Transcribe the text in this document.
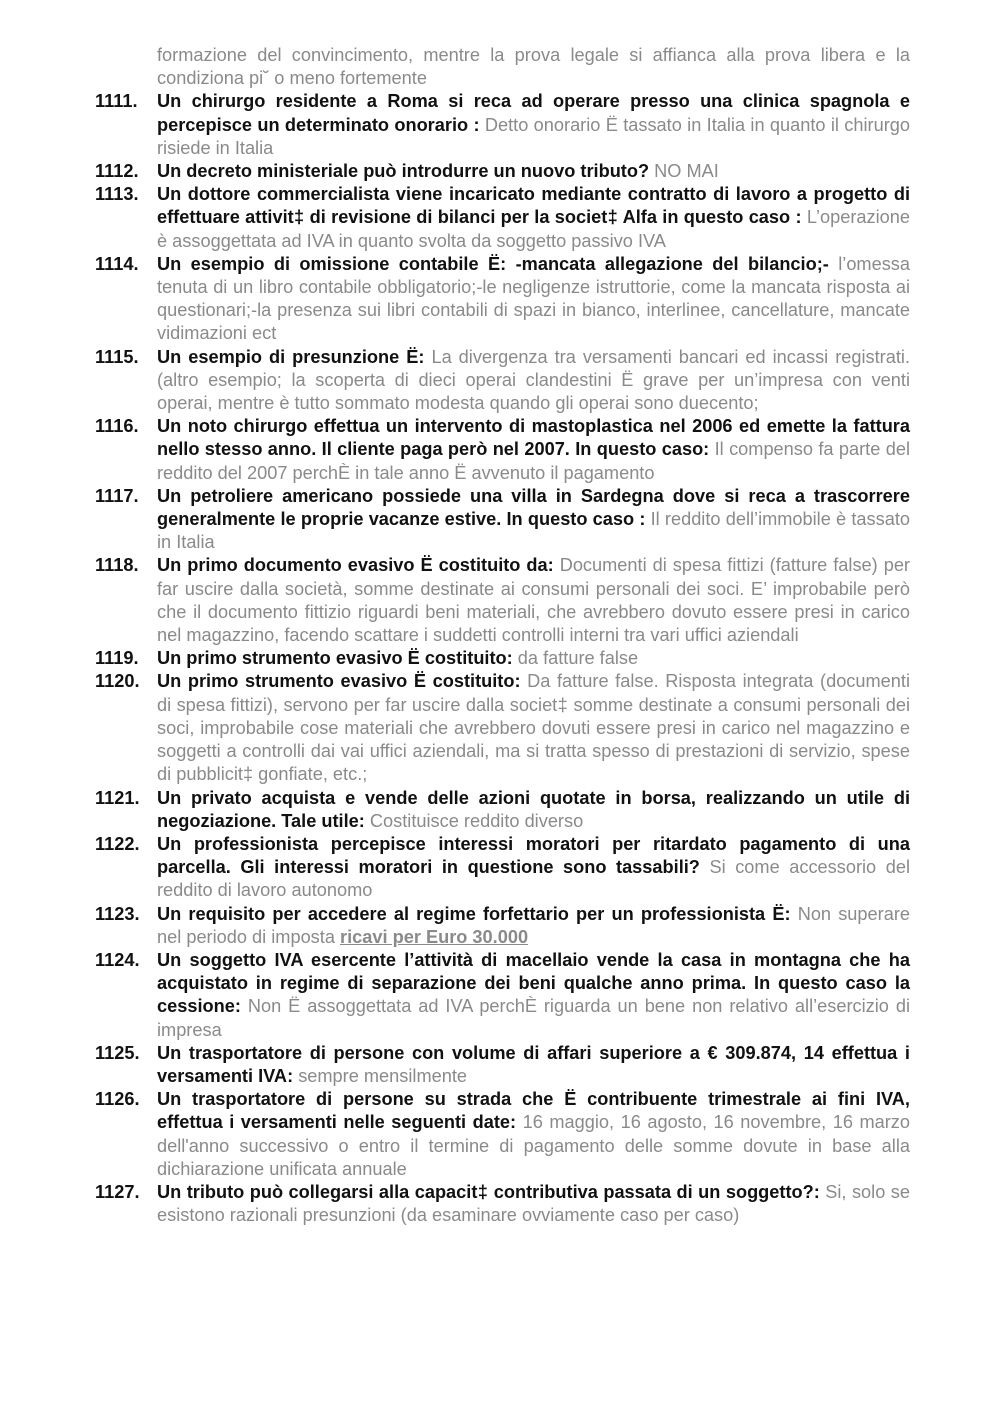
formazione del convincimento, mentre la prova legale si affianca alla prova libera e la condiziona pi˘ o meno fortemente
1111.	Un chirurgo residente a Roma si reca ad operare presso una clinica spagnola e percepisce un determinato onorario : Detto onorario Ë tassato in Italia in quanto il chirurgo risiede in Italia
1112.	Un decreto ministeriale può introdurre un nuovo tributo? NO MAI
1113.	Un dottore commercialista viene incaricato mediante contratto di lavoro a progetto di effettuare attivit‡ di revisione di bilanci per la societ‡ Alfa in questo caso : L’operazione è assoggettata ad IVA in quanto svolta da soggetto passivo IVA
1114.	Un esempio di omissione contabile Ë: -mancata allegazione del bilancio;- l’omessa tenuta di un libro contabile obbligatorio;-le negligenze istruttorie, come la mancata risposta ai questionari;-la presenza sui libri contabili di spazi in bianco, interlinee, cancellature, mancate vidimazioni ect
1115.	Un esempio di presunzione Ë: La divergenza tra versamenti bancari ed incassi registrati. (altro esempio; la scoperta di dieci operai clandestini Ë grave per un’impresa con venti operai, mentre è tutto sommato modesta quando gli operai sono duecento;
1116.	Un noto chirurgo effettua un intervento di mastoplastica nel 2006 ed emette la fattura nello stesso anno. Il cliente paga però nel 2007. In questo caso: Il compenso fa parte del reddito del 2007 perchÈ in tale anno Ë avvenuto il pagamento
1117.	Un petroliere americano possiede una villa in Sardegna dove si reca a trascorrere generalmente le proprie vacanze estive. In questo caso : Il reddito dell’immobile è tassato in Italia
1118.	Un primo documento evasivo Ë costituito da: Documenti di spesa fittizi (fatture false) per far uscire dalla società, somme destinate ai consumi personali dei soci. E’ improbabile però che il documento fittizio riguardi beni materiali, che avrebbero dovuto essere presi in carico nel magazzino, facendo scattare i suddetti controlli interni tra vari uffici aziendali
1119.	Un primo strumento evasivo Ë costituito: da fatture false
1120. Un primo strumento evasivo Ë costituito: Da fatture false. Risposta integrata (documenti di spesa fittizi), servono per far uscire dalla societ‡ somme destinate a consumi personali dei soci, improbabile cose materiali che avrebbero dovuti essere presi in carico nel magazzino e soggetti a controlli dai vai uffici aziendali, ma si tratta spesso di prestazioni di servizio, spese di pubblicit‡ gonfiate, etc.;
1121. Un privato acquista e vende delle azioni quotate in borsa, realizzando un utile di negoziazione. Tale utile: Costituisce reddito diverso
1122. Un professionista percepisce interessi moratori per ritardato pagamento di una parcella. Gli interessi moratori in questione sono tassabili? Si come accessorio del reddito di lavoro autonomo
1123. Un requisito per accedere al regime forfettario per un professionista Ë: Non superare nel periodo di imposta ricavi per Euro 30.000
1124. Un soggetto IVA esercente l’attività di macellaio vende la casa in montagna che ha acquistato in regime di separazione dei beni qualche anno prima. In questo caso la cessione: Non Ë assoggettata ad IVA perchÈ riguarda un bene non relativo all’esercizio di impresa
1125. Un trasportatore di persone con volume di affari superiore a € 309.874, 14 effettua i versamenti IVA: sempre mensilmente
1126. Un trasportatore di persone su strada che Ë contribuente trimestrale ai fini IVA, effettua i versamenti nelle seguenti date: 16 maggio, 16 agosto, 16 novembre, 16 marzo dell'anno successivo o entro il termine di pagamento delle somme dovute in base alla dichiarazione unificata annuale
1127. Un tributo può collegarsi alla capacit‡ contributiva passata di un soggetto?: Si, solo se esistono razionali presunzioni (da esaminare ovviamente caso per caso)
